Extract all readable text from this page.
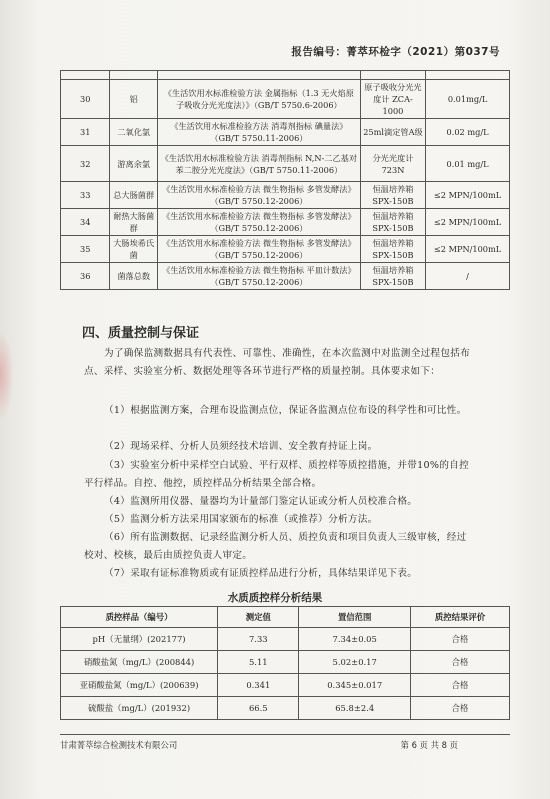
报告编号：菁萃环检字（2021）第037号

30	铝	《生活饮用水标准检验方法 金属指标（1.3 无火焰原子吸收分光光度法）》（GB/T 5750.6-2006）	原子吸收分光光度计 ZCA-1000	0.01mg/L
31	二氧化氯	《生活饮用水标准检验方法 消毒剂指标 碘量法》（GB/T 5750.11-2006）	25ml滴定管A级	0.02 mg/L
32	游离余氯	《生活饮用水标准检验方法 消毒剂指标 N,N-二乙基对苯二胺分光光度法》（GB/T 5750.11-2006）	分光光度计 723N	0.01 mg/L
33	总大肠菌群	《生活饮用水标准检验方法 微生物指标 多管发酵法》（GB/T 5750.12-2006）	恒温培养箱 SPX-150B	≤2 MPN/100mL
34	耐热大肠菌群	《生活饮用水标准检验方法 微生物指标 多管发酵法》（GB/T 5750.12-2006）	恒温培养箱 SPX-150B	≤2 MPN/100mL
35	大肠埃希氏菌	《生活饮用水标准检验方法 微生物指标 多管发酵法》（GB/T 5750.12-2006）	恒温培养箱 SPX-150B	≤2 MPN/100mL
36	菌落总数	《生活饮用水标准检验方法 微生物指标 平皿计数法》（GB/T 5750.12-2006）	恒温培养箱 SPX-150B	/
四、质量控制与保证
为了确保监测数据具有代表性、可靠性、准确性，在本次监测中对监测全过程包括布点、采样、实验室分析、数据处理等各环节进行严格的质量控制。具体要求如下：
（1）根据监测方案，合理布设监测点位，保证各监测点位布设的科学性和可比性。
（2）现场采样、分析人员须经技术培训、安全教育持证上岗。
（3）实验室分析中采样空白试验、平行双样、质控样等质控措施，并带10%的自控平行样品。自控、他控，质控样品分析结果全部合格。
（4）监测所用仪器、量器均为计量部门鉴定认证或分析人员校准合格。
（5）监测分析方法采用国家颁布的标准（或推荐）分析方法。
（6）所有监测数据、记录经监测分析人员、质控负责和项目负责人三级审核，经过校对、校核，最后由质控负责人审定。
（7）采取有证标准物质或有证质控样品进行分析，具体结果详见下表。
水质质控样分析结果
质控样品（编号）	测定值	置信范围	质控结果评价
pH（无量纲）(202177)	7.33	7.34±0.05	合格
硝酸盐氮（mg/L）(200844)	5.11	5.02±0.17	合格
亚硝酸盐氮（mg/L）(200639)	0.341	0.345±0.017	合格
硫酸盐（mg/L）(201932)	66.5	65.8±2.4	合格
甘肃菁萃综合检测技术有限公司	第 6 页 共 8 页
